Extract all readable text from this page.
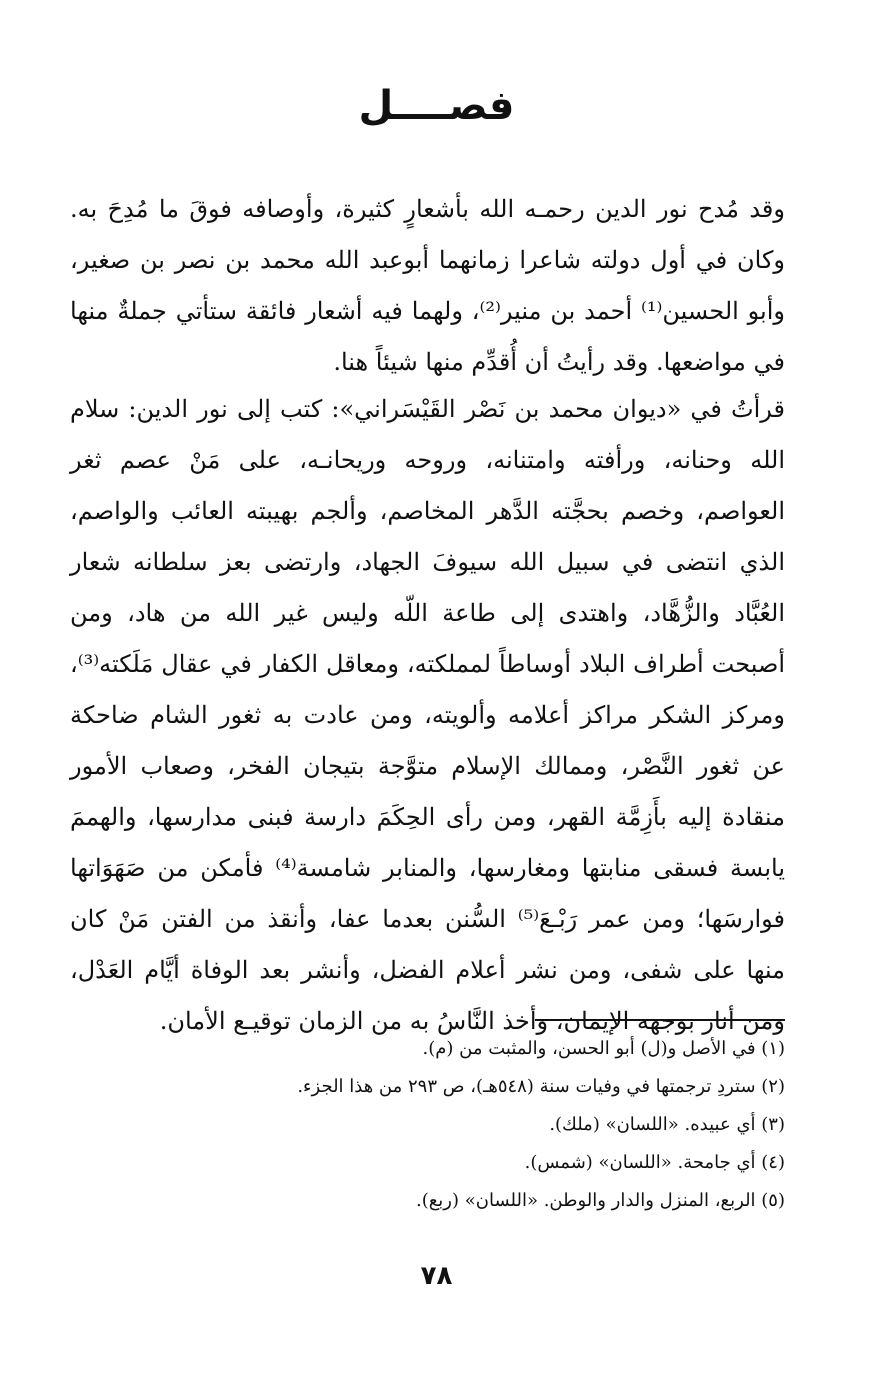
فصــــل

وقد مُدح نور الدين رحمـه الله بأشعارٍ كثيرة، وأوصافه فوقَ ما مُدِحَ به. وكان في أول دولته شاعرا زمانهما أبوعبد الله محمد بن نصر بن صغير، وأبو الحسين⁽¹⁾ أحمد بن منير⁽²⁾، ولهما فيه أشعار فائقة ستأتي جملةٌ منها في مواضعها. وقد رأيتُ أن أُقدِّم منها شيئاً هنا.

قرأتُ في «ديوان محمد بن نَصْر القَيْسَراني»: كتب إلى نور الدين: سلام الله وحنانه، ورأفته وامتنانه، وروحه وريحانـه، على مَنْ عصم ثغر العواصم، وخصم بحجَّته الدَّهر المخاصم، وألجم بهيبته العائب والواصم، الذي انتضى في سبيل الله سيوفَ الجهاد، وارتضى بعز سلطانه شعار العُبَّاد والزُّهَّاد، واهتدى إلى طاعة اللّه وليس غير الله من هاد، ومن أصبحت أطراف البلاد أوساطاً لمملكته، ومعاقل الكفار في عقال مَلَكته⁽³⁾، ومركز الشكر مراكز أعلامه وألويته، ومن عادت به ثغور الشام ضاحكة عن ثغور النَّصْر، وممالك الإسلام متوَّجة بتيجان الفخر، وصعاب الأمور منقادة إليه بأَزِمَّة القهر، ومن رأى الحِكَمَ دارسة فبنى مدارسها، والهممَ يابسة فسقى منابتها ومغارسها، والمنابر شامسة⁽⁴⁾ فأمكن من صَهَوَاتها فوارسَها؛ ومن عمر رَبْـعَ⁽⁵⁾ السُّنن بعدما عفا، وأنقذ من الفتن مَنْ كان منها على شفى، ومن نشر أعلام الفضل، وأنشر بعد الوفاة أيَّام العَدْل، ومن أنار بوجهه الإيمان، وأخذ النَّاسُ به من الزمان توقيـع الأمان.

(١) في الأصل و(ل) أبو الحسن، والمثبت من (م).
(٢) ستردِ ترجمتها في وفيات سنة (٥٤٨هـ)، ص ٢٩٣ من هذا الجزء.
(٣) أي عبيده. «اللسان» (ملك).
(٤) أي جامحة. «اللسان» (شمس).
(٥) الربع، المنزل والدار والوطن. «اللسان» (ربع).
٧٨
